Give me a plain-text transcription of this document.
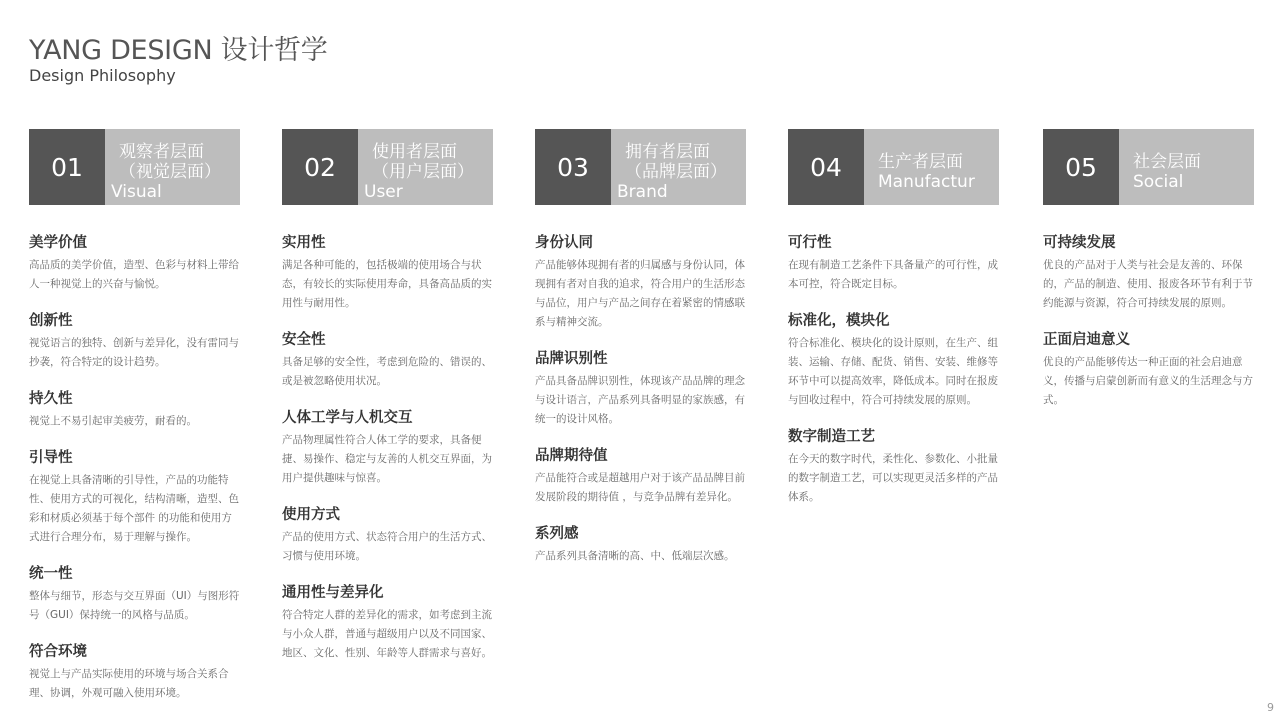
YANG DESIGN 设计哲学
Design Philosophy
01
观察者层面
（视觉层面）
Visual
美学价值
高品质的美学价值，造型、色彩与材料上带给人一种视觉上的兴奋与愉悦。
创新性
视觉语言的独特、创新与差异化，没有雷同与抄袭，符合特定的设计趋势。
持久性
视觉上不易引起审美疲劳，耐看的。
引导性
在视觉上具备清晰的引导性，产品的功能特性、使用方式的可视化，结构清晰，造型、色彩和材质必须基于每个部件 的功能和使用方式进行合理分布，易于理解与操作。
统一性
整体与细节，形态与交互界面（UI）与图形符号（GUI）保持统一的风格与品质。
符合环境
视觉上与产品实际使用的环境与场合关系合理、协调，外观可融入使用环境。
02
使用者层面
（用户层面）
User
实用性
满足各种可能的，包括极端的使用场合与状态，有较长的实际使用寿命，具备高品质的实用性与耐用性。
安全性
具备足够的安全性，考虑到危险的、错误的、或是被忽略使用状况。
人体工学与人机交互
产品物理属性符合人体工学的要求，具备便捷、易操作、稳定与友善的人机交互界面，为用户提供趣味与惊喜。
使用方式
产品的使用方式、状态符合用户的生活方式、习惯与使用环境。
通用性与差异化
符合特定人群的差异化的需求，如考虑到主流与小众人群，普通与超级用户以及不同国家、地区、文化、性别、年龄等人群需求与喜好。
03
拥有者层面
（品牌层面）
Brand
身份认同
产品能够体现拥有者的归属感与身份认同，体现拥有者对自我的追求，符合用户的生活形态与品位，用户与产品之间存在着紧密的情感联系与精神交流。
品牌识别性
产品具备品牌识别性，体现该产品品牌的理念与设计语言，产品系列具备明显的家族感，有统一的设计风格。
品牌期待值
产品能符合或是超越用户对于该产品品牌目前发展阶段的期待值 ，与竞争品牌有差异化。
系列感
产品系列具备清晰的高、中、低端层次感。
04	生产者层面
Manufactur
可行性
在现有制造工艺条件下具备量产的可行性，成本可控，符合既定目标。
标准化，模块化
符合标准化、模块化的设计原则，在生产、组装、运输、存储、配货、销售、安装、维修等环节中可以提高效率，降低成本。同时在报废与回收过程中，符合可持续发展的原则。
数字制造工艺
在今天的数字时代，柔性化、参数化、小批量的数字制造工艺，可以实现更灵活多样的产品体系。
05	社会层面
Social
可持续发展
优良的产品对于人类与社会是友善的、环保的，产品的制造、使用、报废各环节有利于节约能源与资源，符合可持续发展的原则。
正面启迪意义
优良的产品能够传达一种正面的社会启迪意义，传播与启蒙创新而有意义的生活理念与方式。
9
